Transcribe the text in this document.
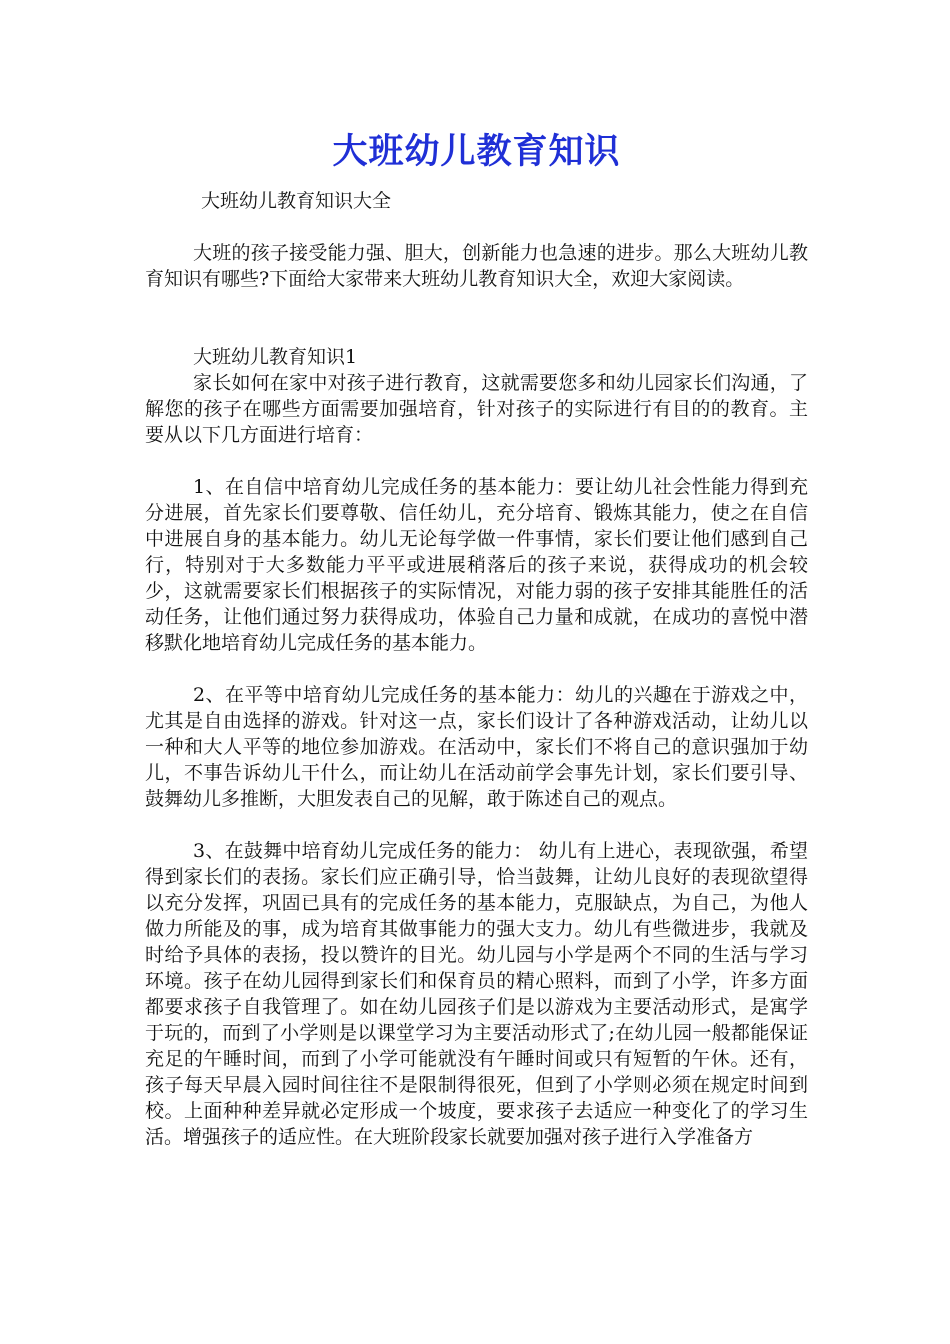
大班幼儿教育知识
大班幼儿教育知识大全

大班的孩子接受能力强、胆大，创新能力也急速的进步。那么大班幼儿教育知识有哪些?下面给大家带来大班幼儿教育知识大全，欢迎大家阅读。

大班幼儿教育知识1

家长如何在家中对孩子进行教育，这就需要您多和幼儿园家长们沟通，了解您的孩子在哪些方面需要加强培育，针对孩子的实际进行有目的的教育。主要从以下几方面进行培育：

1、在自信中培育幼儿完成任务的基本能力：要让幼儿社会性能力得到充分进展，首先家长们要尊敬、信任幼儿，充分培育、锻炼其能力，使之在自信中进展自身的基本能力。幼儿无论每学做一件事情，家长们要让他们感到自己行，特别对于大多数能力平平或进展稍落后的孩子来说，获得成功的机会较少，这就需要家长们根据孩子的实际情况，对能力弱的孩子安排其能胜任的活动任务，让他们通过努力获得成功，体验自己力量和成就，在成功的喜悦中潜移默化地培育幼儿完成任务的基本能力。

2、在平等中培育幼儿完成任务的基本能力：幼儿的兴趣在于游戏之中，尤其是自由选择的游戏。针对这一点，家长们设计了各种游戏活动，让幼儿以一种和大人平等的地位参加游戏。在活动中，家长们不将自己的意识强加于幼儿，不事告诉幼儿干什么，而让幼儿在活动前学会事先计划，家长们要引导、鼓舞幼儿多推断，大胆发表自己的见解，敢于陈述自己的观点。

3、在鼓舞中培育幼儿完成任务的能力： 幼儿有上进心，表现欲强，希望得到家长们的表扬。家长们应正确引导，恰当鼓舞，让幼儿良好的表现欲望得以充分发挥，巩固已具有的完成任务的基本能力，克服缺点，为自己，为他人做力所能及的事，成为培育其做事能力的强大支力。幼儿有些微进步，我就及时给予具体的表扬，投以赞许的目光。幼儿园与小学是两个不同的生活与学习环境。孩子在幼儿园得到家长们和保育员的精心照料，而到了小学，许多方面都要求孩子自我管理了。如在幼儿园孩子们是以游戏为主要活动形式，是寓学于玩的，而到了小学则是以课堂学习为主要活动形式了;在幼儿园一般都能保证充足的午睡时间，而到了小学可能就没有午睡时间或只有短暂的午休。还有，孩子每天早晨入园时间往往不是限制得很死，但到了小学则必须在规定时间到校。上面种种差异就必定形成一个坡度，要求孩子去适应一种变化了的学习生活。增强孩子的适应性。在大班阶段家长就要加强对孩子进行入学准备方
